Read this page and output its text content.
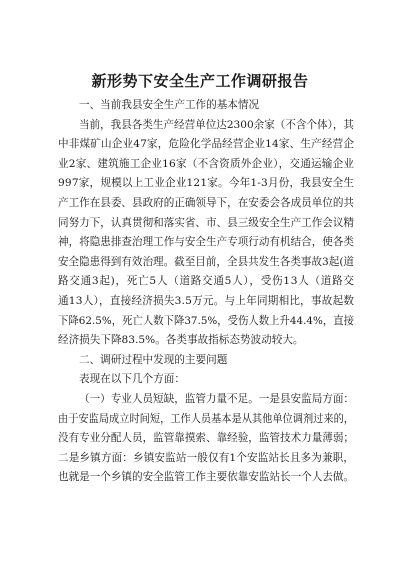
新形势下安全生产工作调研报告
一、当前我县安全生产工作的基本情况
当前，我县各类生产经营单位达2300余家（不含个体），其
中非煤矿山企业47家，危险化学品经营企业14家、生产经营企
业2家、建筑施工企业16家（不含资质外企业），交通运输企业
997家，规模以上工业企业121家。今年1-3月份，我县安全生
产工作在县委、县政府的正确领导下，在安委会各成员单位的共
同努力下，认真贯彻和落实省、市、县三级安全生产工作会议精
神，将隐患排查治理工作与安全生产专项行动有机结合，使各类
安全隐患得到有效治理。截至目前，全县共发生各类事故3起(道
路交通3起)，死亡5人（道路交通5人），受伤13人（道路交
通13人），直接经济损失3.5万元。与上年同期相比，事故起数
下降62.5%，死亡人数下降37.5%，受伤人数上升44.4%，直接
经济损失下降83.5%。各类事故指标态势波动较大。
二、调研过程中发现的主要问题
表现在以下几个方面：
（一）专业人员短缺，监管力量不足。一是县安监局方面：
由于安监局成立时间短，工作人员基本是从其他单位调剂过来的，
没有专业分配人员，监管靠摸索、靠经验，监管技术力量薄弱；
二是乡镇方面：乡镇安监站一般仅有1个安监站长且多为兼职，
也就是一个乡镇的安全监管工作主要依靠安监站长一个人去做。
